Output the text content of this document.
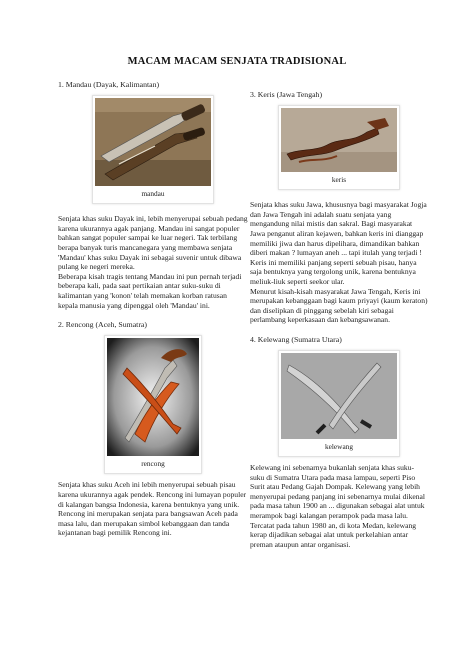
MACAM MACAM SENJATA TRADISIONAL

1. Mandau (Dayak, Kalimantan)

mandau

Senjata khas suku Dayak ini, lebih menyerupai sebuah pedang karena ukurannya agak panjang. Mandau ini sangat populer bahkan sangat populer sampai ke luar negeri. Tak terbilang berapa banyak turis mancanegara yang membawa senjata 'Mandau' khas suku Dayak ini sebagai suvenir untuk dibawa pulang ke negeri mereka.

Beberapa kisah tragis tentang Mandau ini pun pernah terjadi beberapa kali, pada saat pertikaian antar suku-suku di kalimantan yang 'konon' telah memakan korban ratusan kepala manusia yang dipenggal oleh 'Mandau' ini.

2. Rencong (Aceh, Sumatra)

rencong

Senjata khas suku Aceh ini lebih menyerupai sebuah pisau karena ukurannya agak pendek. Rencong ini lumayan populer di kalangan bangsa Indonesia, karena bentuknya yang unik. Rencong ini merupakan senjata para bangsawan Aceh pada masa lalu, dan merupakan simbol kebanggaan dan tanda kejantanan bagi pemilik Rencong ini.

3. Keris (Jawa Tengah)

keris

Senjata khas suku Jawa, khususnya bagi masyarakat Jogja dan Jawa Tengah ini adalah suatu senjata yang mengandung nilai mistis dan sakral. Bagi masyarakat Jawa penganut aliran kejawen, bahkan keris ini dianggap memiliki jiwa dan harus dipelihara, dimandikan bahkan diberi makan ? lumayan aneh ... tapi itulah yang terjadi !

Keris ini memiliki panjang seperti sebuah pisau, hanya saja bentuknya yang tergolong unik, karena bentuknya meliuk-liuk seperti seekor ular.

Menurut kisah-kisah masyarakat Jawa Tengah, Keris ini merupakan kebanggaan bagi kaum priyayi (kaum keraton) dan diselipkan di pinggang sebelah kiri sebagai perlambang keperkasaan dan kebangsawanan.

4. Kelewang (Sumatra Utara)

kelewang

Kelewang ini sebenarnya bukanlah senjata khas suku-suku di Sumatra Utara pada masa lampau, seperti Piso Surit atau Pedang Gajah Dompak. Kelewang yang lebih menyerupai pedang panjang ini sebenarnya mulai dikenal pada masa tahun 1900 an ... digunakan sebagai alat untuk merampok bagi kalangan perampok pada masa lalu.

Tercatat pada tahun 1980 an, di kota Medan, kelewang kerap dijadikan sebagai alat untuk perkelahian antar preman ataupun antar organisasi.
